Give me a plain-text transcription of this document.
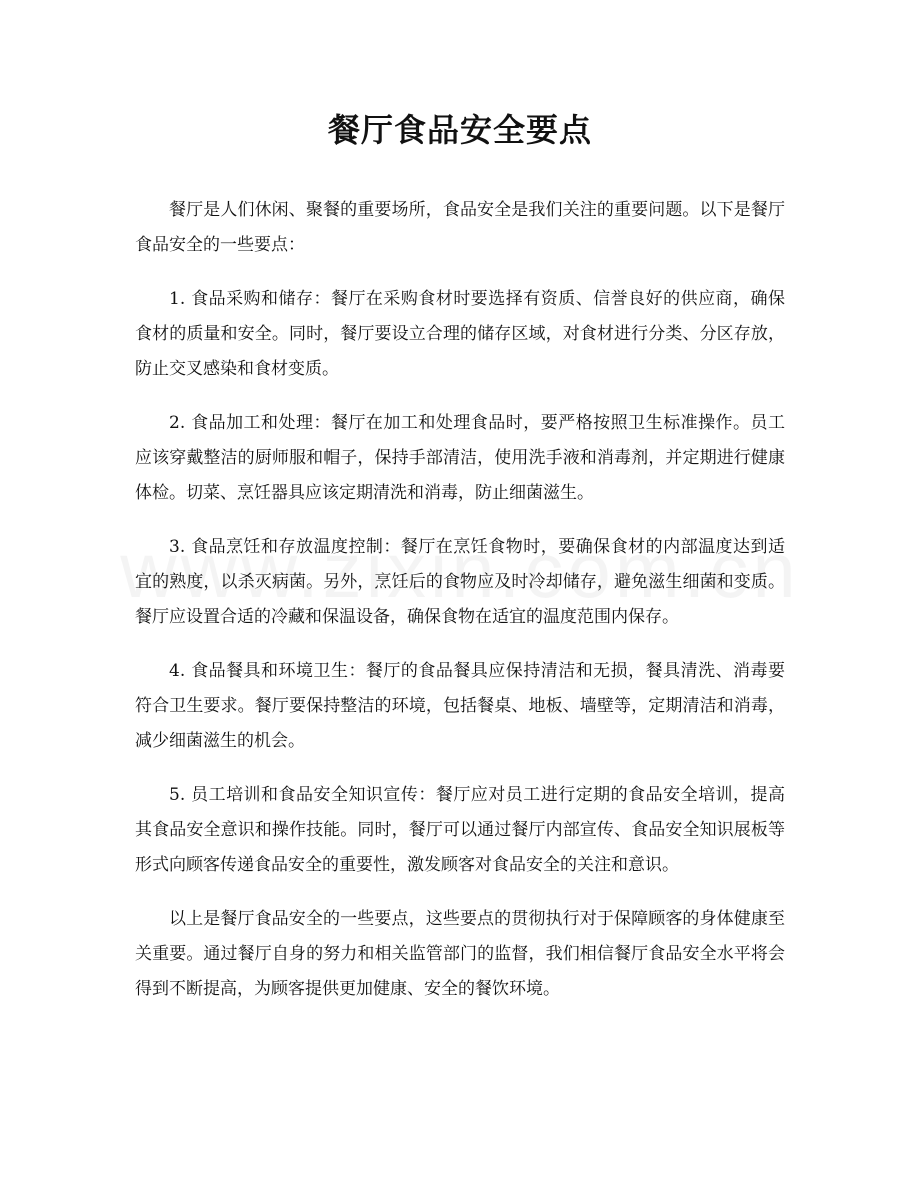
餐厅食品安全要点

餐厅是人们休闲、聚餐的重要场所，食品安全是我们关注的重要问题。以下是餐厅食品安全的一些要点：

1. 食品采购和储存：餐厅在采购食材时要选择有资质、信誉良好的供应商，确保食材的质量和安全。同时，餐厅要设立合理的储存区域，对食材进行分类、分区存放，防止交叉感染和食材变质。

2. 食品加工和处理：餐厅在加工和处理食品时，要严格按照卫生标准操作。员工应该穿戴整洁的厨师服和帽子，保持手部清洁，使用洗手液和消毒剂，并定期进行健康体检。切菜、烹饪器具应该定期清洗和消毒，防止细菌滋生。

3. 食品烹饪和存放温度控制：餐厅在烹饪食物时，要确保食材的内部温度达到适宜的熟度，以杀灭病菌。另外，烹饪后的食物应及时冷却储存，避免滋生细菌和变质。餐厅应设置合适的冷藏和保温设备，确保食物在适宜的温度范围内保存。

4. 食品餐具和环境卫生：餐厅的食品餐具应保持清洁和无损，餐具清洗、消毒要符合卫生要求。餐厅要保持整洁的环境，包括餐桌、地板、墙壁等，定期清洁和消毒，减少细菌滋生的机会。

5. 员工培训和食品安全知识宣传：餐厅应对员工进行定期的食品安全培训，提高其食品安全意识和操作技能。同时，餐厅可以通过餐厅内部宣传、食品安全知识展板等形式向顾客传递食品安全的重要性，激发顾客对食品安全的关注和意识。

以上是餐厅食品安全的一些要点，这些要点的贯彻执行对于保障顾客的身体健康至关重要。通过餐厅自身的努力和相关监管部门的监督，我们相信餐厅食品安全水平将会得到不断提高，为顾客提供更加健康、安全的餐饮环境。
